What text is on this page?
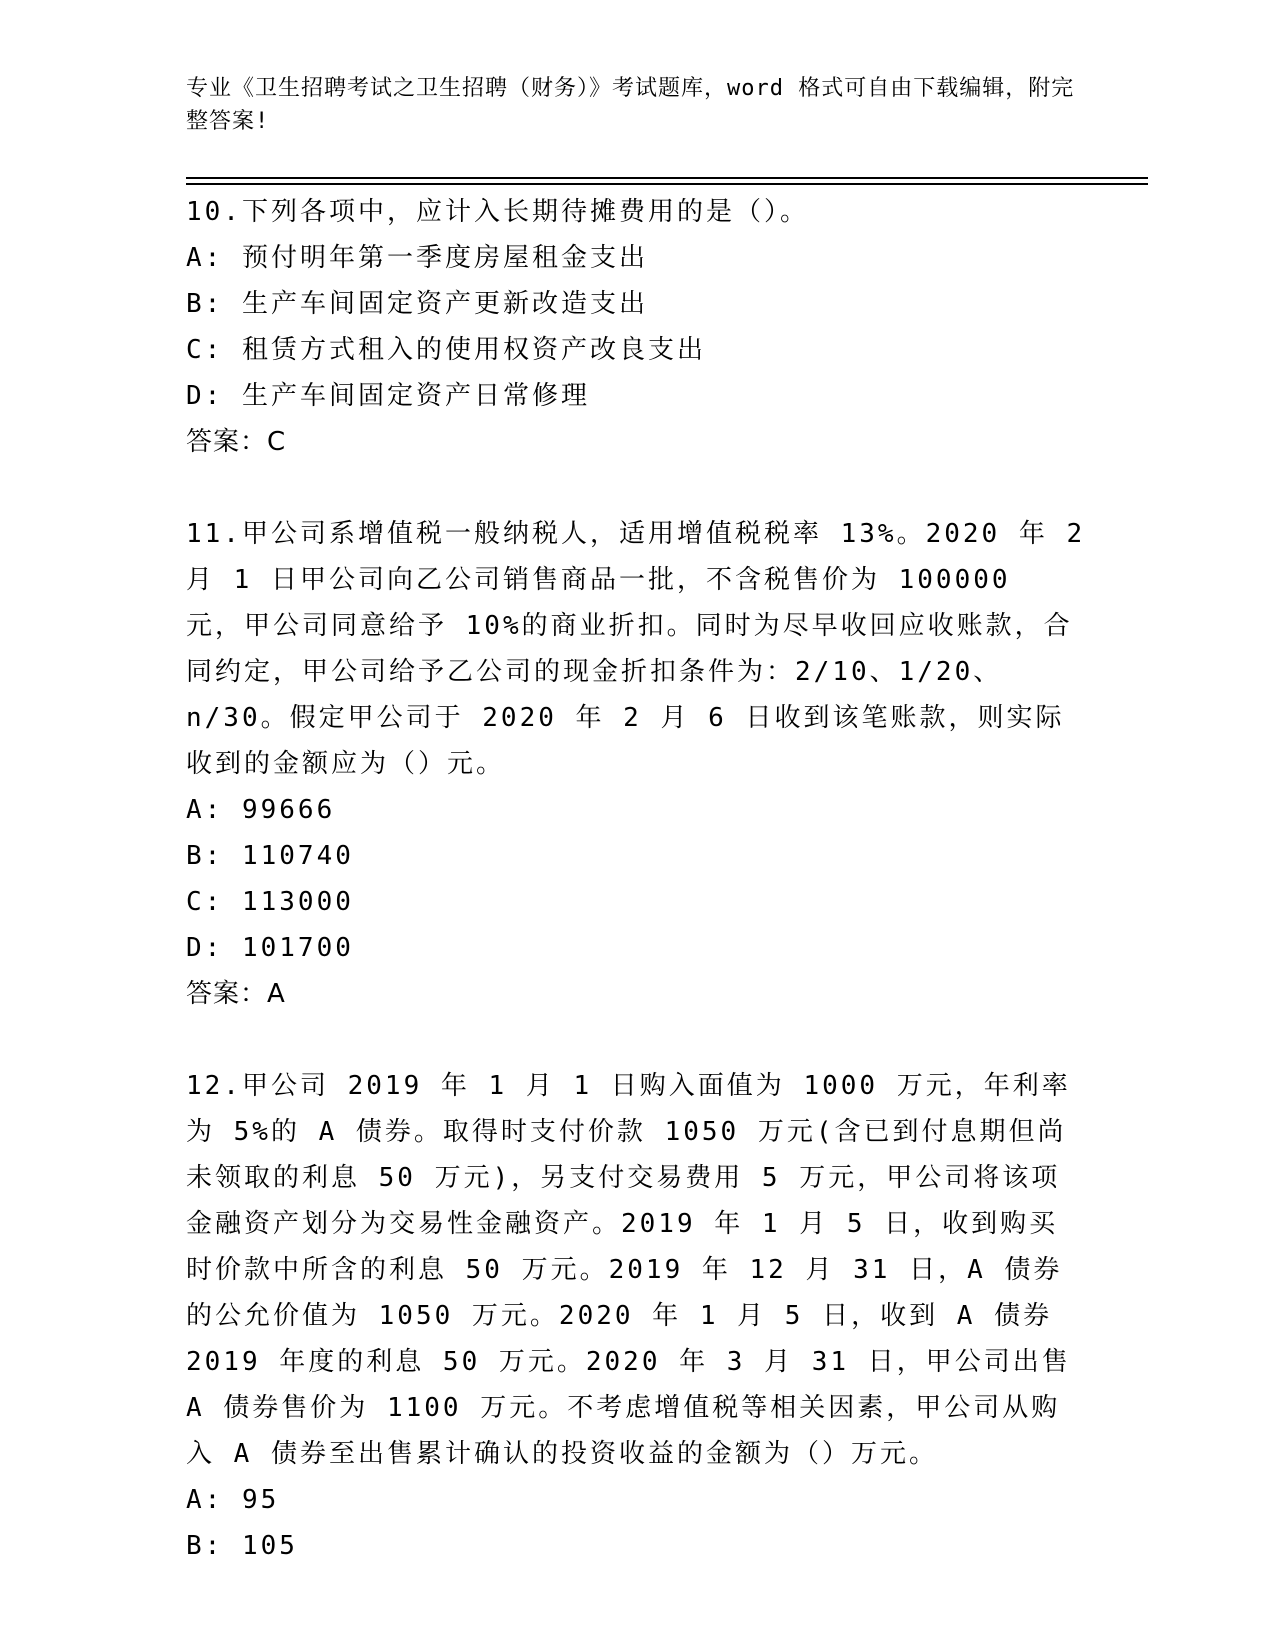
专业《卫生招聘考试之卫生招聘（财务）》考试题库，word 格式可自由下载编辑，附完整答案!
10.下列各项中，应计入长期待摊费用的是（）。
A: 预付明年第一季度房屋租金支出
B: 生产车间固定资产更新改造支出
C: 租赁方式租入的使用权资产改良支出
D: 生产车间固定资产日常修理
答案：C
11.甲公司系增值税一般纳税人，适用增值税税率 13%。2020 年 2 月 1 日甲公司向乙公司销售商品一批，不含税售价为 100000 元，甲公司同意给予 10%的商业折扣。同时为尽早收回应收账款，合同约定，甲公司给予乙公司的现金折扣条件为：2/10、1/20、n/30。假定甲公司于 2020 年 2 月 6 日收到该笔账款，则实际收到的金额应为（）元。
A: 99666
B: 110740
C: 113000
D: 101700
答案：A
12.甲公司 2019 年 1 月 1 日购入面值为 1000 万元，年利率为 5%的 A 债券。取得时支付价款 1050 万元(含已到付息期但尚未领取的利息 50 万元)，另支付交易费用 5 万元，甲公司将该项金融资产划分为交易性金融资产。2019 年 1 月 5 日，收到购买时价款中所含的利息 50 万元。2019 年 12 月 31 日，A 债券的公允价值为 1050 万元。2020 年 1 月 5 日，收到 A 债券 2019 年度的利息 50 万元。2020 年 3 月 31 日，甲公司出售 A 债券售价为 1100 万元。不考虑增值税等相关因素，甲公司从购入 A 债券至出售累计确认的投资收益的金额为（）万元。
A: 95
B: 105
